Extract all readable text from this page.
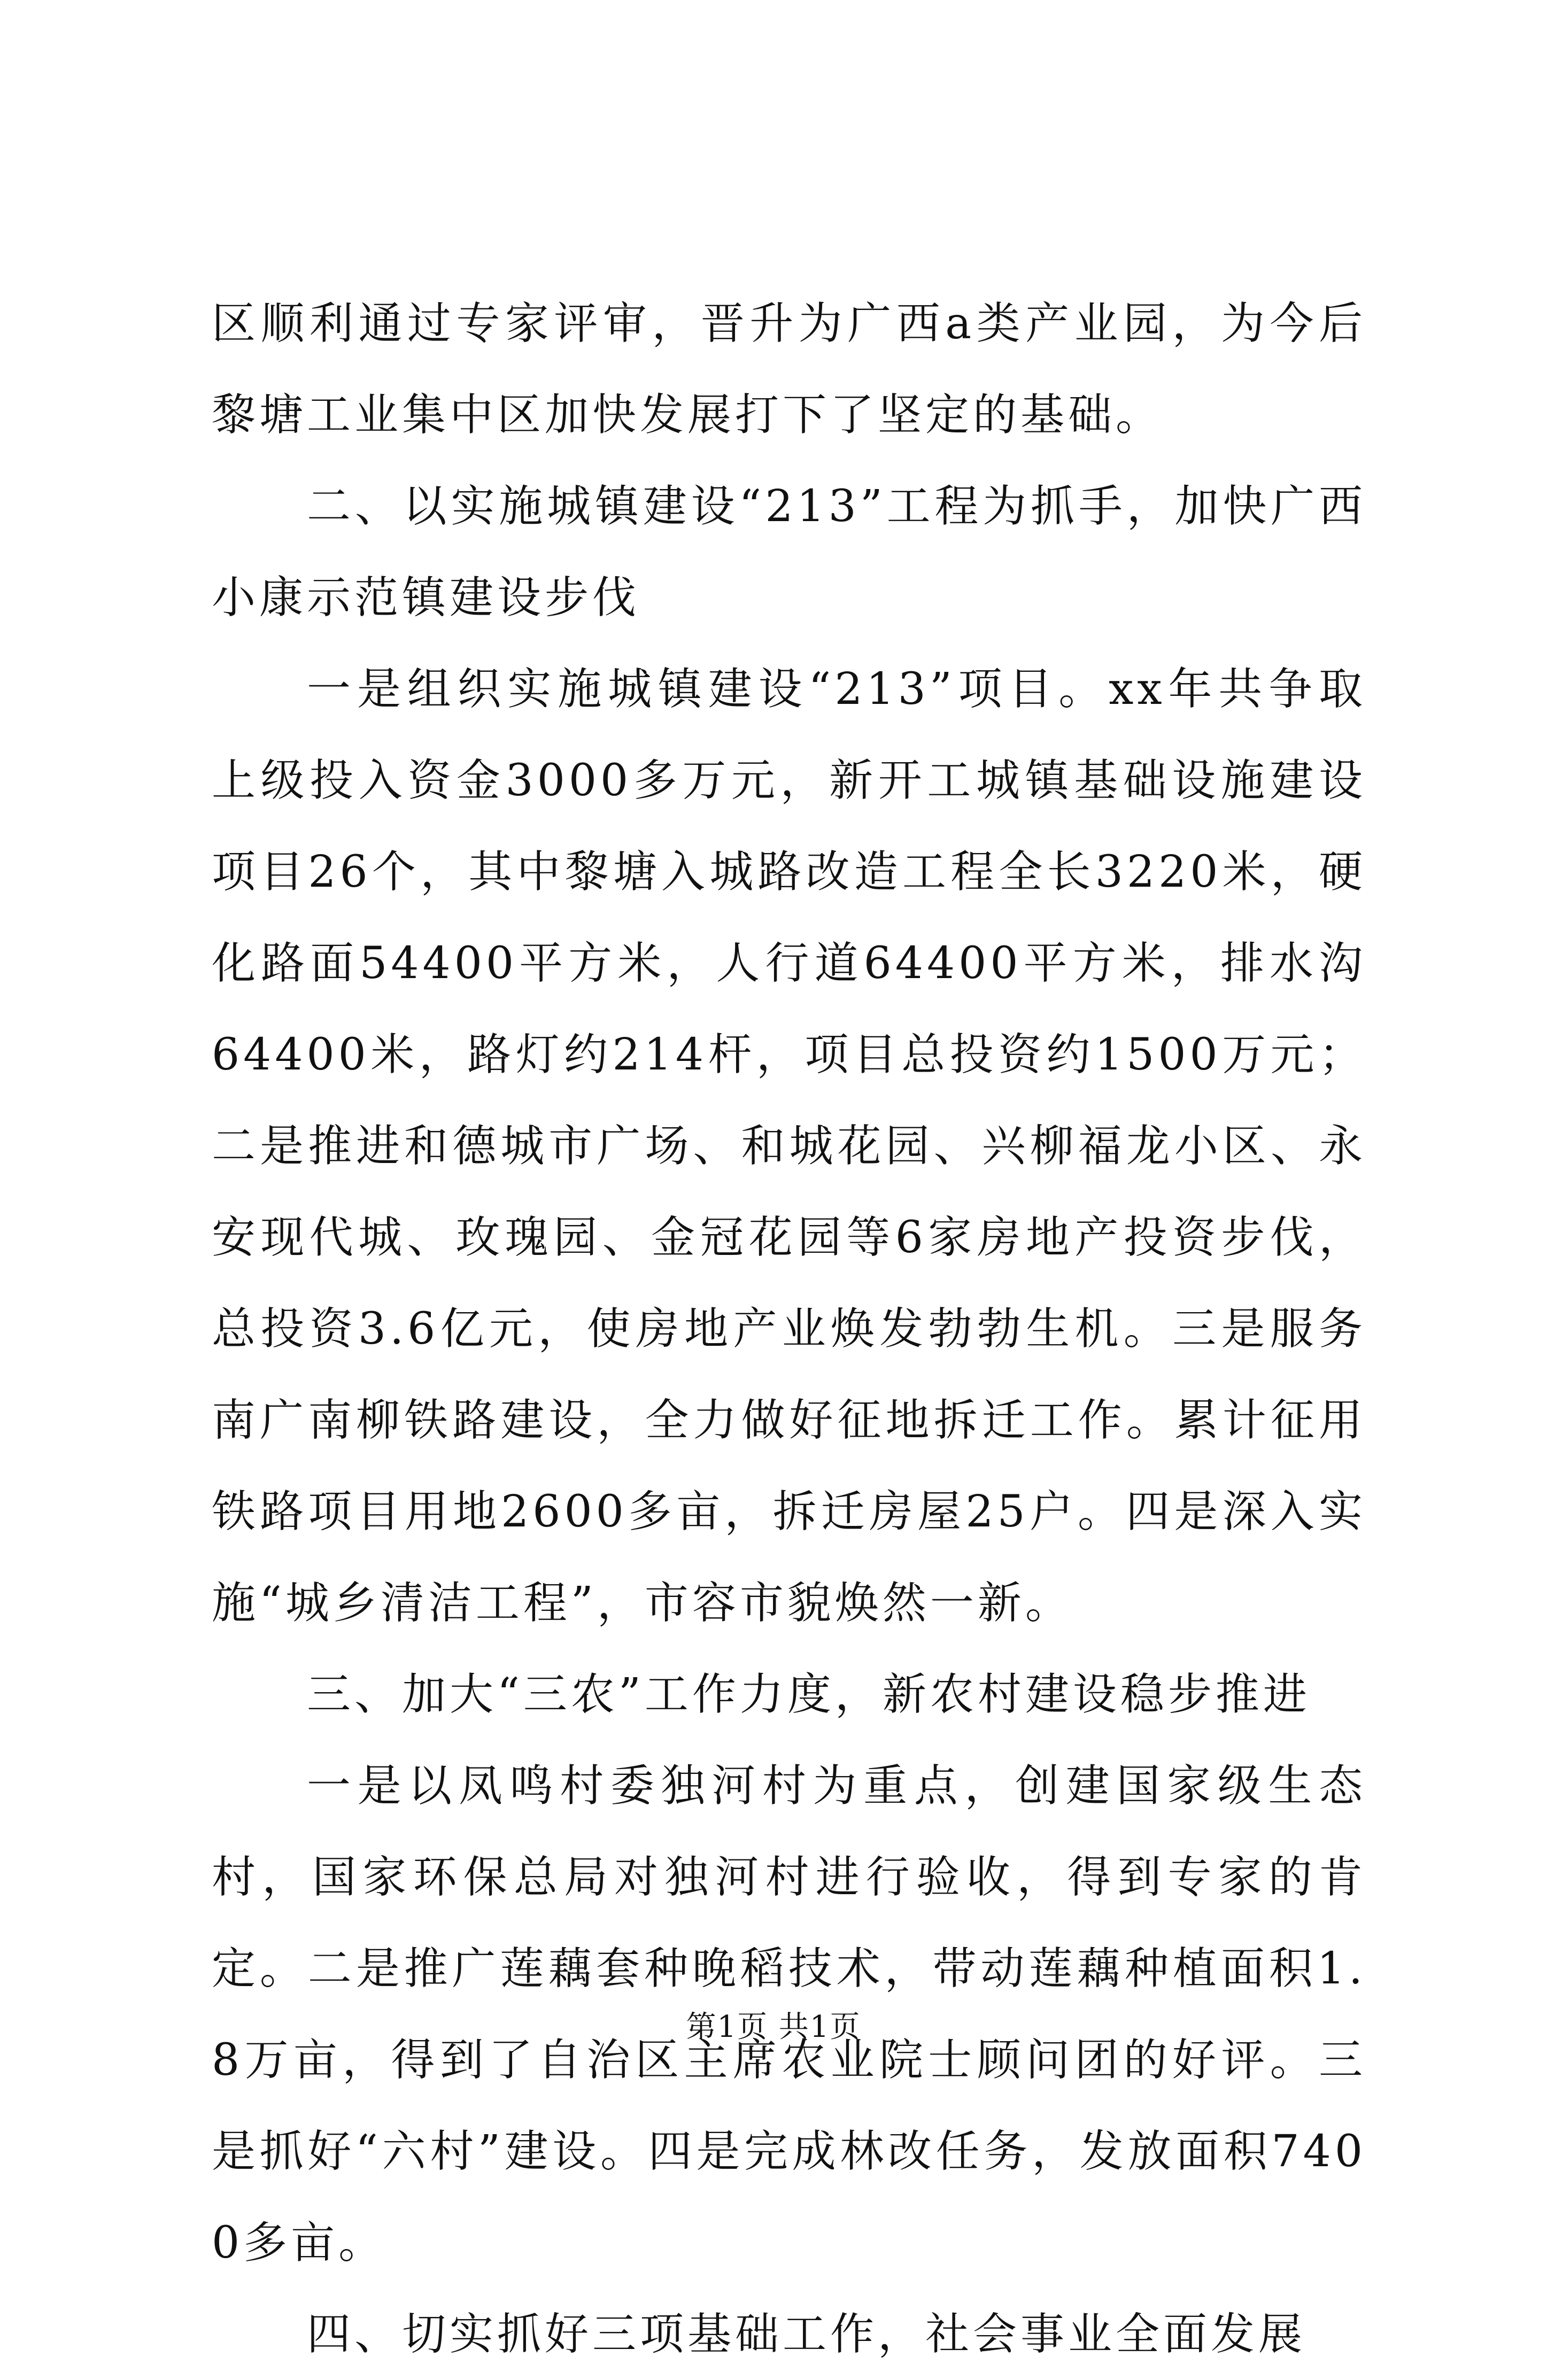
区顺利通过专家评审，晋升为广西a类产业园，为今后黎塘工业集中区加快发展打下了坚定的基础。

二、以实施城镇建设“213”工程为抓手，加快广西小康示范镇建设步伐

一是组织实施城镇建设“213”项目。xx年共争取上级投入资金3000多万元，新开工城镇基础设施建设项目26个，其中黎塘入城路改造工程全长3220米，硬化路面54400平方米，人行道64400平方米，排水沟64400米，路灯约214杆，项目总投资约1500万元；二是推进和德城市广场、和城花园、兴柳福龙小区、永安现代城、玫瑰园、金冠花园等6家房地产投资步伐，总投资3.6亿元，使房地产业焕发勃勃生机。三是服务南广南柳铁路建设，全力做好征地拆迁工作。累计征用铁路项目用地2600多亩，拆迁房屋25户。四是深入实施“城乡清洁工程”，市容市貌焕然一新。

三、加大“三农”工作力度，新农村建设稳步推进

一是以凤鸣村委独河村为重点，创建国家级生态村，国家环保总局对独河村进行验收，得到专家的肯定。二是推广莲藕套种晚稻技术，带动莲藕种植面积1.8万亩，得到了自治区主席农业院士顾问团的好评。三是抓好“六村”建设。四是完成林改任务，发放面积7400多亩。

四、切实抓好三项基础工作，社会事业全面发展

第1页 共1页
